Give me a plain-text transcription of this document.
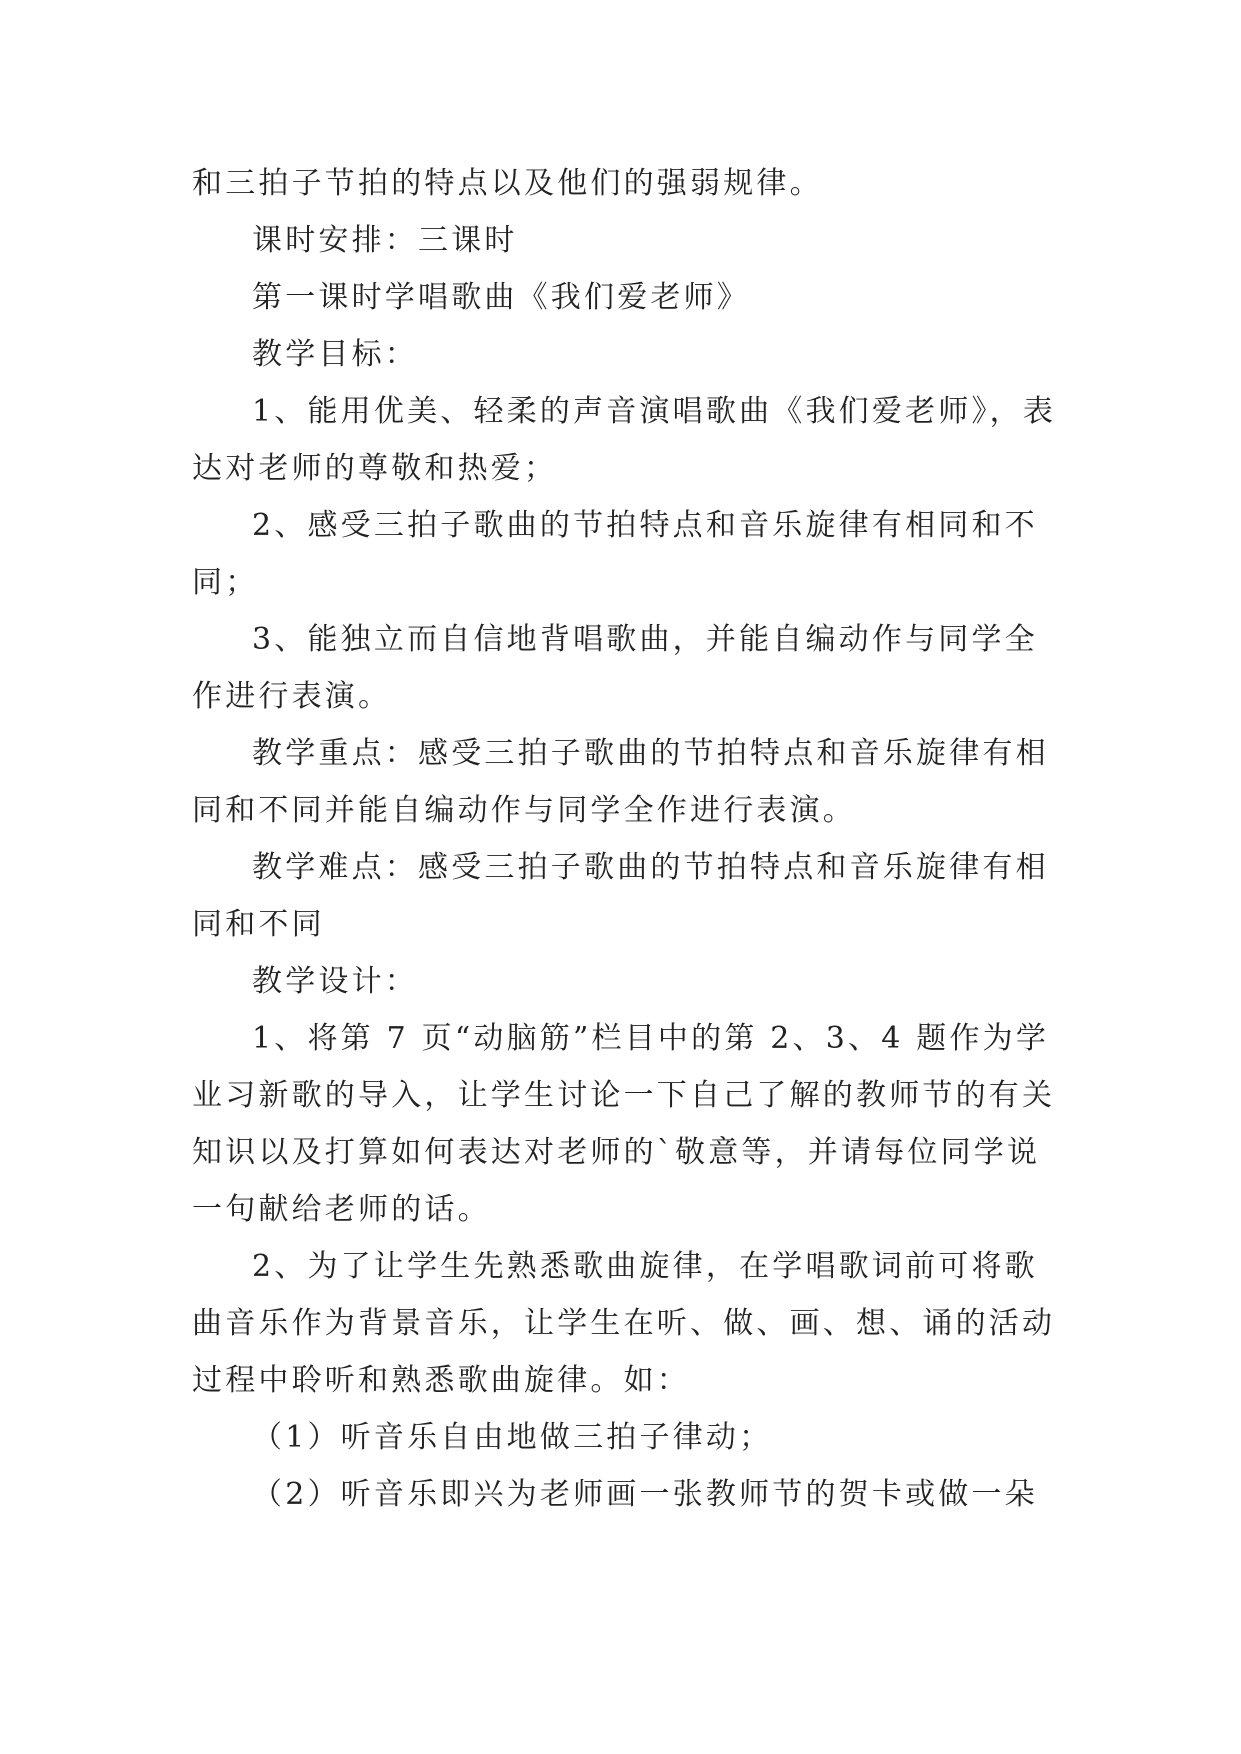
和三拍子节拍的特点以及他们的强弱规律。
课时安排：三课时
第一课时学唱歌曲《我们爱老师》
教学目标：
1、能用优美、轻柔的声音演唱歌曲《我们爱老师》，表
达对老师的尊敬和热爱；
2、感受三拍子歌曲的节拍特点和音乐旋律有相同和不
同；
3、能独立而自信地背唱歌曲，并能自编动作与同学全
作进行表演。
教学重点：感受三拍子歌曲的节拍特点和音乐旋律有相
同和不同并能自编动作与同学全作进行表演。
教学难点：感受三拍子歌曲的节拍特点和音乐旋律有相
同和不同
教学设计：
1、将第 7 页“动脑筋”栏目中的第 2、3、4 题作为学
业习新歌的导入，让学生讨论一下自己了解的教师节的有关
知识以及打算如何表达对老师的`敬意等，并请每位同学说
一句献给老师的话。
2、为了让学生先熟悉歌曲旋律，在学唱歌词前可将歌
曲音乐作为背景音乐，让学生在听、做、画、想、诵的活动
过程中聆听和熟悉歌曲旋律。如：
（1）听音乐自由地做三拍子律动；
（2）听音乐即兴为老师画一张教师节的贺卡或做一朵
